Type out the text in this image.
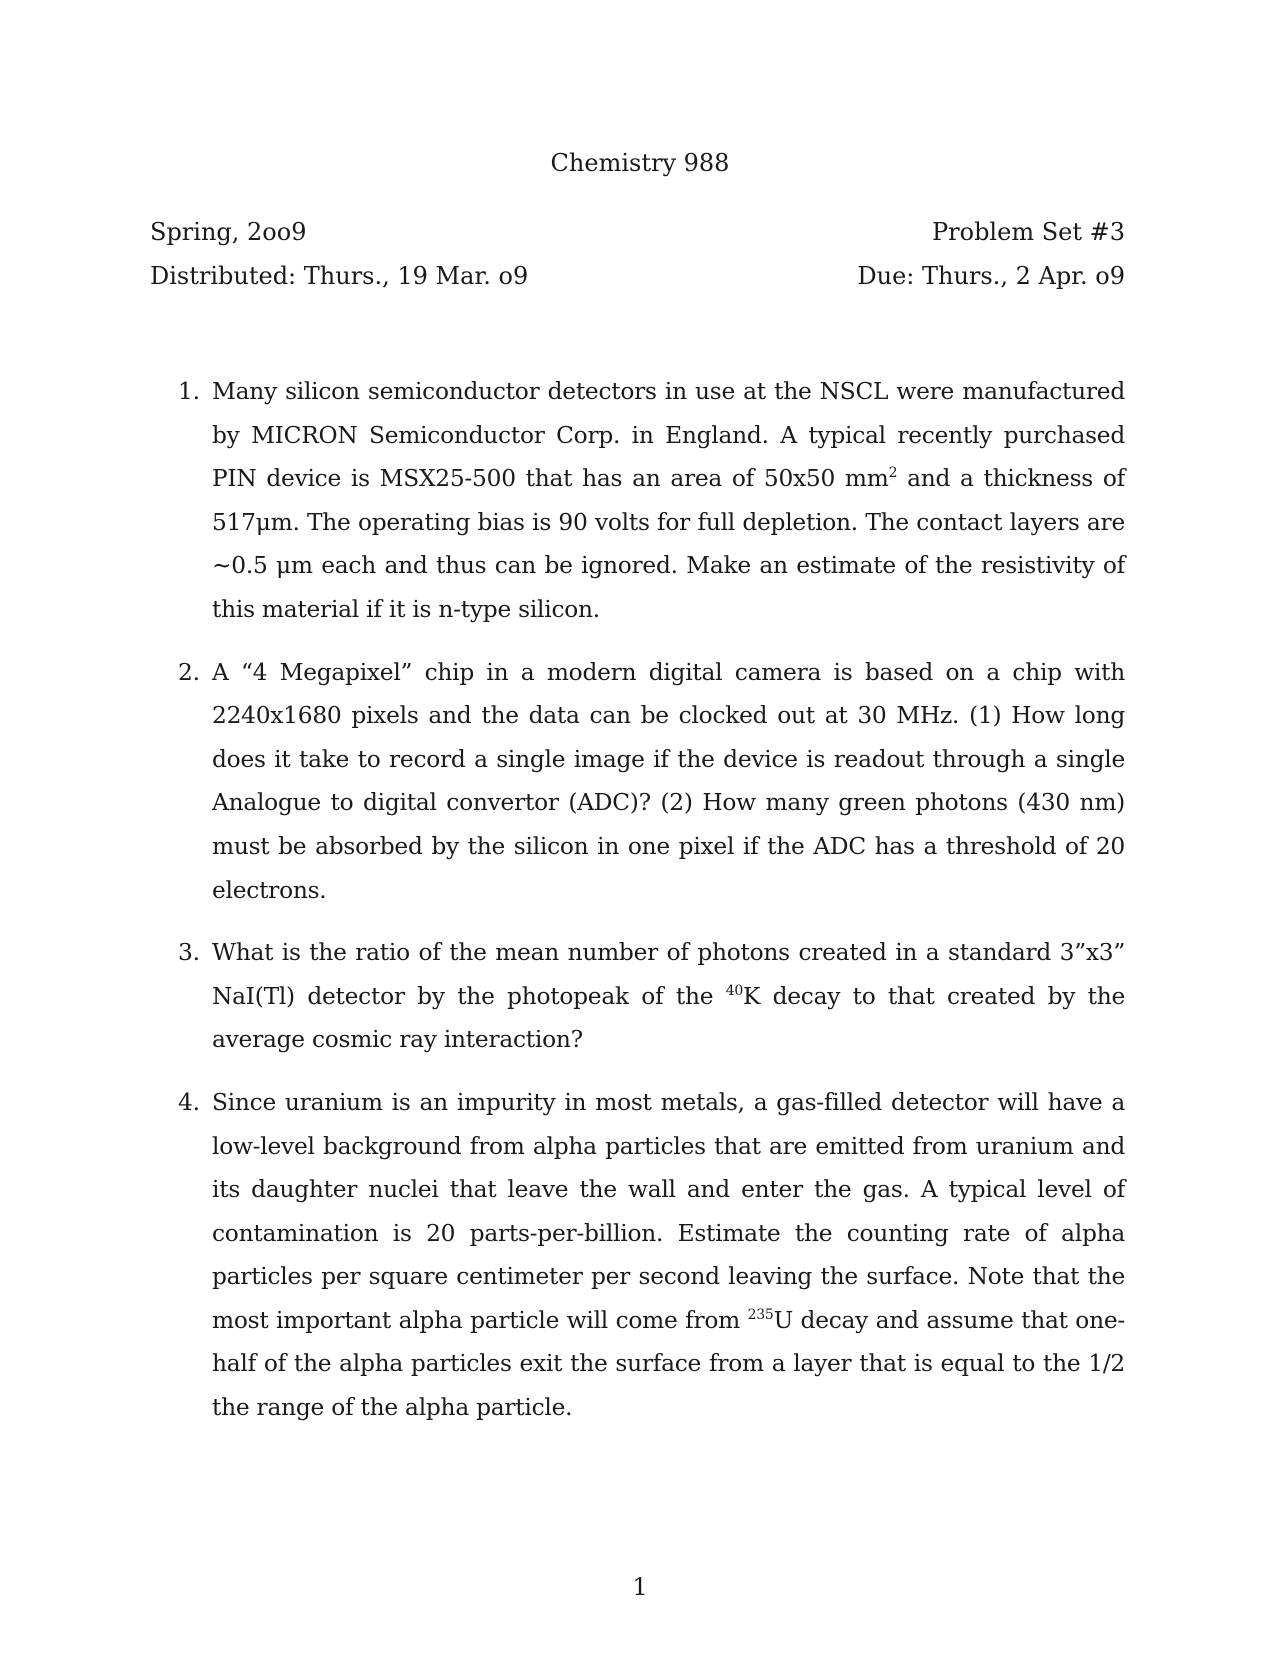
Chemistry 988
Spring, 2oo9	Problem Set #3
Distributed: Thurs., 19 Mar. o9	Due: Thurs., 2 Apr. o9
1. Many silicon semiconductor detectors in use at the NSCL were manufactured by MICRON Semiconductor Corp. in England. A typical recently purchased PIN device is MSX25-500 that has an area of 50x50 $mm^2$ and a thickness of 517μm. The operating bias is 90 volts for full depletion. The contact layers are ∼0.5 μm each and thus can be ignored. Make an estimate of the resistivity of this material if it is n-type silicon.
2. A “4 Megapixel” chip in a modern digital camera is based on a chip with 2240x1680 pixels and the data can be clocked out at 30 MHz. (1) How long does it take to record a single image if the device is readout through a single Analogue to digital convertor (ADC)? (2) How many green photons (430 nm) must be absorbed by the silicon in one pixel if the ADC has a threshold of 20 electrons.
3. What is the ratio of the mean number of photons created in a standard 3”x3” NaI(Tl) detector by the photopeak of the $^{40}$K decay to that created by the average cosmic ray interaction?
4. Since uranium is an impurity in most metals, a gas-filled detector will have a low-level background from alpha particles that are emitted from uranium and its daughter nuclei that leave the wall and enter the gas. A typical level of contamination is 20 parts-per-billion. Estimate the counting rate of alpha particles per square centimeter per second leaving the surface. Note that the most important alpha particle will come from $^{235}$U decay and assume that one-half of the alpha particles exit the surface from a layer that is equal to the 1/2 the range of the alpha particle.
1
